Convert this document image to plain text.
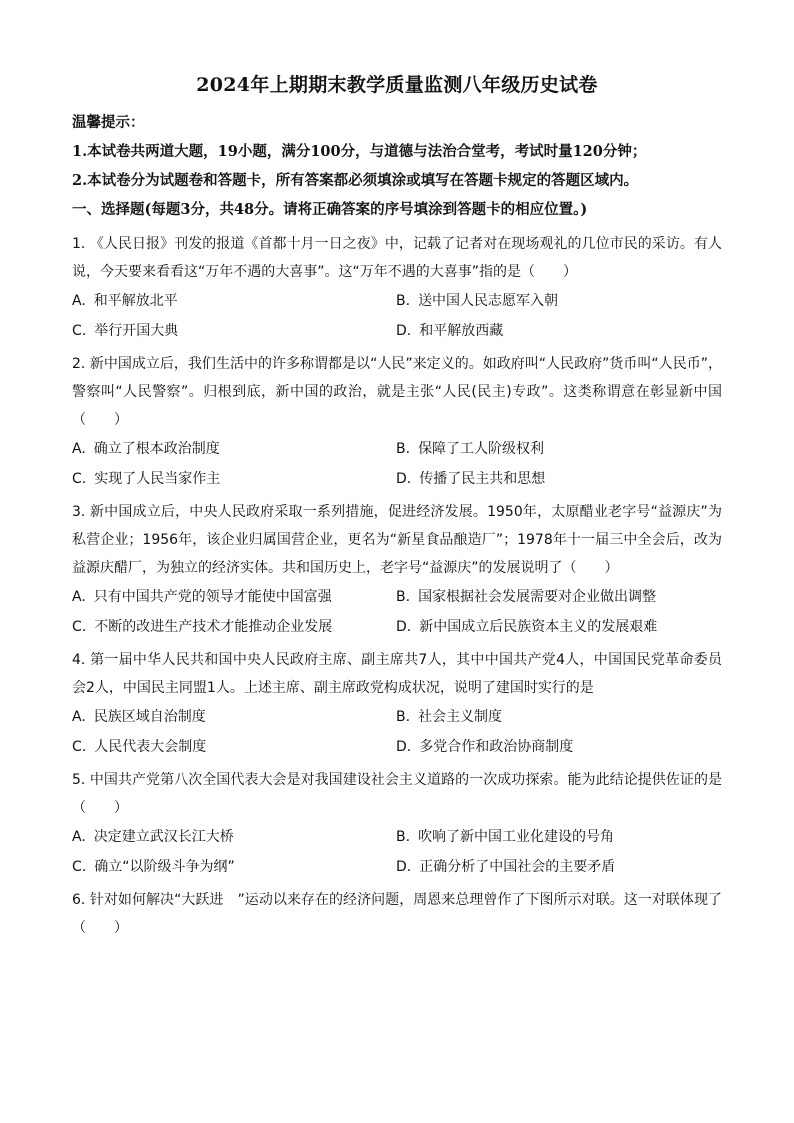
2024年上期期末教学质量监测八年级历史试卷

温馨提示：

1.本试卷共两道大题，19小题，满分100分，与道德与法治合堂考，考试时量120分钟；

2.本试卷分为试题卷和答题卡，所有答案都必须填涂或填写在答题卡规定的答题区域内。

一、选择题(每题3分，共48分。请将正确答案的序号填涂到答题卡的相应位置。)

1. 《人民日报》刊发的报道《首都十月一日之夜》中，记载了记者对在现场观礼的几位市民的采访。有人说，今天要来看看这“万年不遇的大喜事”。这“万年不遇的大喜事”指的是（　　）

A. 和平解放北平	B. 送中国人民志愿军入朝
C. 举行开国大典	D. 和平解放西藏

2. 新中国成立后，我们生活中的许多称谓都是以“人民”来定义的。如政府叫“人民政府”货币叫“人民币”，警察叫“人民警察”。归根到底，新中国的政治，就是主张“人民(民主)专政”。这类称谓意在彰显新中国（　　）

A. 确立了根本政治制度	B. 保障了工人阶级权利
C. 实现了人民当家作主	D. 传播了民主共和思想

3. 新中国成立后，中央人民政府采取一系列措施，促进经济发展。1950年，太原醋业老字号“益源庆”为私营企业；1956年，该企业归属国营企业，更名为“新星食品酿造厂”；1978年十一届三中全会后，改为益源庆醋厂，为独立的经济实体。共和国历史上，老字号“益源庆”的发展说明了（　　）

A. 只有中国共产党的领导才能使中国富强	B. 国家根据社会发展需要对企业做出调整
C. 不断的改进生产技术才能推动企业发展	D. 新中国成立后民族资本主义的发展艰难

4. 第一届中华人民共和国中央人民政府主席、副主席共7人，其中中国共产党4人，中国国民党革命委员会2人，中国民主同盟1人。上述主席、副主席政党构成状况，说明了建国时实行的是

A. 民族区域自治制度	B. 社会主义制度
C. 人民代表大会制度	D. 多党合作和政治协商制度

5. 中国共产党第八次全国代表大会是对我国建设社会主义道路的一次成功探索。能为此结论提供佐证的是（　　）

A. 决定建立武汉长江大桥	B. 吹响了新中国工业化建设的号角
C. 确立“以阶级斗争为纲”	D. 正确分析了中国社会的主要矛盾

6. 针对如何解决“大跃进　”运动以来存在的经济问题，周恩来总理曾作了下图所示对联。这一对联体现了（　　）
